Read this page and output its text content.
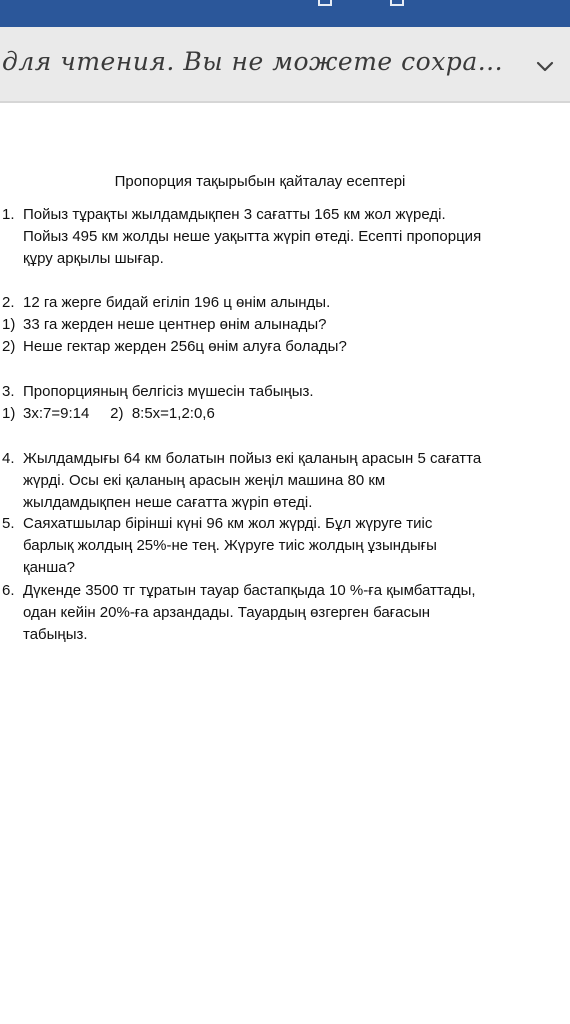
для чтения. Вы не можете сохра...
Пропорция тақырыбын қайталау есептері
1. Пойыз тұрақты жылдамдықпен 3 сағатты 165 км жол жүреді.
Пойыз 495 км жолды неше уақытта жүріп өтеді. Есепті пропорция
құру арқылы шығар.
2. 12 га жерге бидай егіліп 196 ц өнім алынды.
1) 33 га жерден неше центнер өнім алынады?
2) Неше гектар жерден 256ц өнім алуға болады?
3. Пропорцияның белгісіз мүшесін табыңыз.
1) 3x:7=9:14     2)  8:5x=1,2:0,6
4. Жылдамдығы 64 км болатын пойыз екі қаланың арасын 5 сағатта
жүрді. Осы екі қаланың арасын жеңіл машина 80 км
жылдамдықпен неше сағатта жүріп өтеді.
5. Саяхатшылар бірінші күні 96 км жол жүрді. Бұл жүруге тиіс
барлық жолдың 25%-не тең. Жүруге тиіс жолдың ұзындығы
қанша?
6. Дүкенде 3500 тг тұратын тауар бастапқыда 10 %-ға қымбаттады,
одан кейін 20%-ға арзандады. Тауардың өзгерген бағасын
табыңыз.
